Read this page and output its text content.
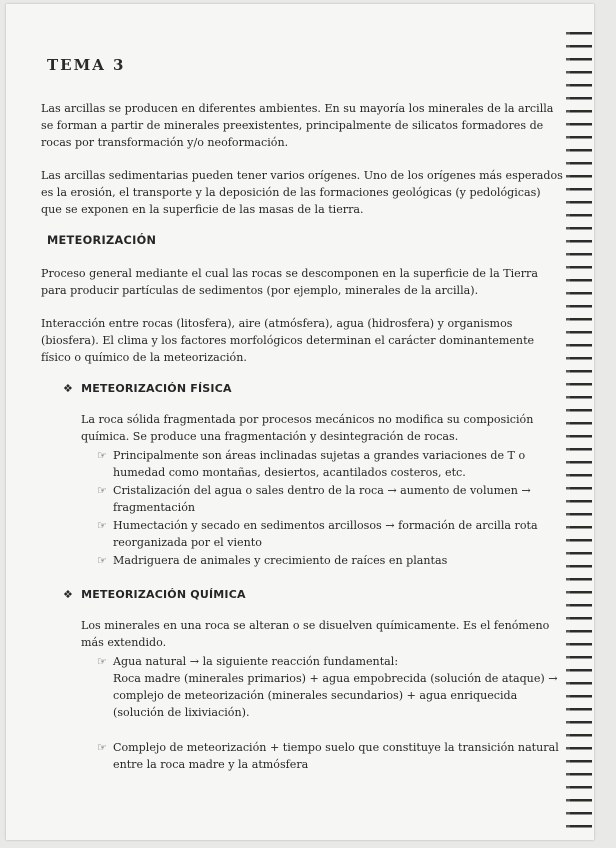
TEMA 3

Las arcillas se producen en diferentes ambientes. En su mayoría los minerales de la arcilla se forman a partir de minerales preexistentes, principalmente de silicatos formadores de rocas por transformación y/o neoformación.

Las arcillas sedimentarias pueden tener varios orígenes. Uno de los orígenes más esperados es la erosión, el transporte y la deposición de las formaciones geológicas (y pedológicas) que se exponen en la superficie de las masas de la tierra.

METEORIZACIÓN

Proceso general mediante el cual las rocas se descomponen en la superficie de la Tierra para producir partículas de sedimentos (por ejemplo, minerales de la arcilla).

Interacción entre rocas (litosfera), aire (atmósfera), agua (hidrosfera) y organismos (biosfera). El clima y los factores morfológicos determinan el carácter dominantemente físico o químico de la meteorización.

❖ METEORIZACIÓN FÍSICA

La roca sólida fragmentada por procesos mecánicos no modifica su composición química. Se produce una fragmentación y desintegración de rocas.

☞ Principalmente son áreas inclinadas sujetas a grandes variaciones de T o humedad como montañas, desiertos, acantilados costeros, etc.
☞ Cristalización del agua o sales dentro de la roca → aumento de volumen → fragmentación
☞ Humectación y secado en sedimentos arcillosos → formación de arcilla rota reorganizada por el viento
☞ Madriguera de animales y crecimiento de raíces en plantas
❖ METEORIZACIÓN QUÍMICA

Los minerales en una roca se alteran o se disuelven químicamente. Es el fenómeno más extendido.

☞ Agua natural → la siguiente reacción fundamental:
Roca madre (minerales primarios) + agua empobrecida (solución de ataque) → complejo de meteorización (minerales secundarios) + agua enriquecida (solución de lixiviación).
☞ Complejo de meteorización + tiempo suelo que constituye la transición natural entre la roca madre y la atmósfera
